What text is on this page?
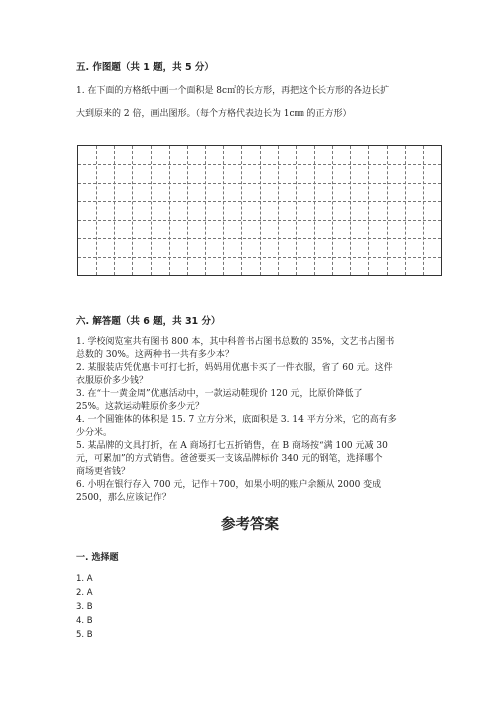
五. 作图题（共 1 题，共 5 分）
1. 在下面的方格纸中画一个面积是 8c㎡的长方形，再把这个长方形的各边长扩
大到原来的 2 倍，画出图形。（每个方格代表边长为 1c㎜ 的正方形）
六. 解答题（共 6 题，共 31 分）
1. 学校阅览室共有图书 800 本，其中科普书占图书总数的 35%，文艺书占图书
总数的 30%。这两种书一共有多少本？
2. 某服装店凭优惠卡可打七折，妈妈用优惠卡买了一件衣服，省了 60 元。这件
衣服原价多少钱？
3. 在“十一黄金周”优惠活动中，一款运动鞋现价 120 元，比原价降低了
25%。这款运动鞋原价多少元？
4. 一个圆锥体的体积是 15. 7 立方分米，底面积是 3. 14 平方分米，它的高有多
少分米。
5. 某品牌的文具打折，在 A 商场打七五折销售，在 B 商场按“满 100 元减 30
元，可累加”的方式销售。爸爸要买一支该品牌标价 340 元的钢笔，选择哪个
商场更省钱？
6. 小明在银行存入 700 元，记作＋700，如果小明的账户余额从 2000 变成
2500，那么应该记作？
参考答案
一. 选择题
1. A
2. A
3. B
4. B
5. B
